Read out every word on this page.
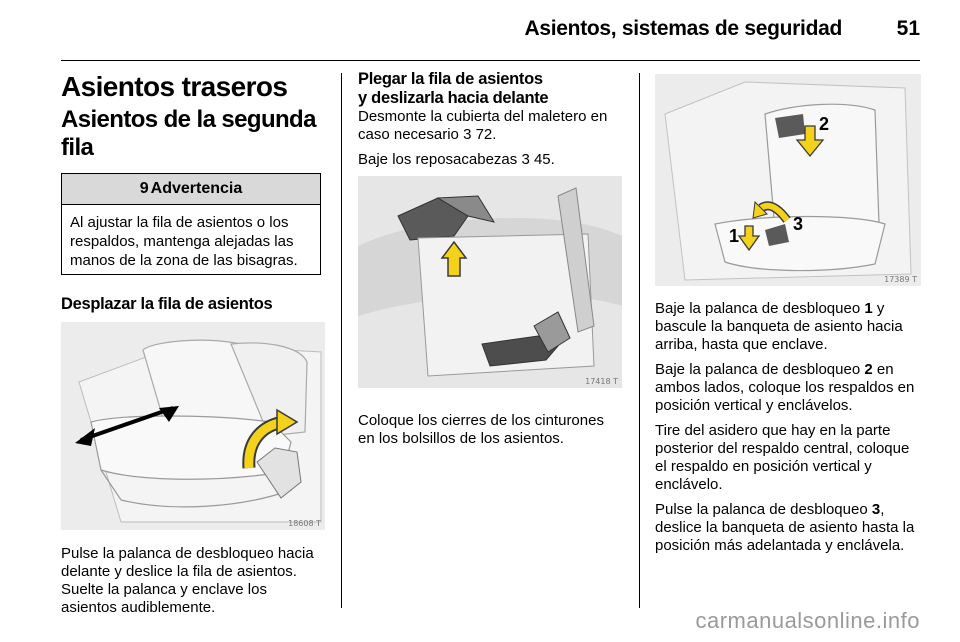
Asientos, sistemas de seguridad	51
Asientos traseros
Asientos de la segunda fila
9 Advertencia
Al ajustar la fila de asientos o los respaldos, mantenga alejadas las manos de la zona de las bisagras.
Desplazar la fila de asientos
18608 T

Pulse la palanca de desbloqueo hacia delante y deslice la fila de asientos. Suelte la palanca y enclave los asientos audiblemente.

Plegar la fila de asientos
y deslizarla hacia delante

Desmonte la cubierta del maletero en caso necesario 3 72.

Baje los reposacabezas 3 45.

17418 T

Coloque los cierres de los cinturones en los bolsillos de los asientos.

1
2
3
17389 T

Baje la palanca de desbloqueo 1 y bascule la banqueta de asiento hacia arriba, hasta que enclave.

Baje la palanca de desbloqueo 2 en ambos lados, coloque los respaldos en posición vertical y enclávelos.

Tire del asidero que hay en la parte posterior del respaldo central, coloque el respaldo en posición vertical y enclávelo.

Pulse la palanca de desbloqueo 3, deslice la banqueta de asiento hasta la posición más adelantada y enclávela.

carmanualsonline.info
